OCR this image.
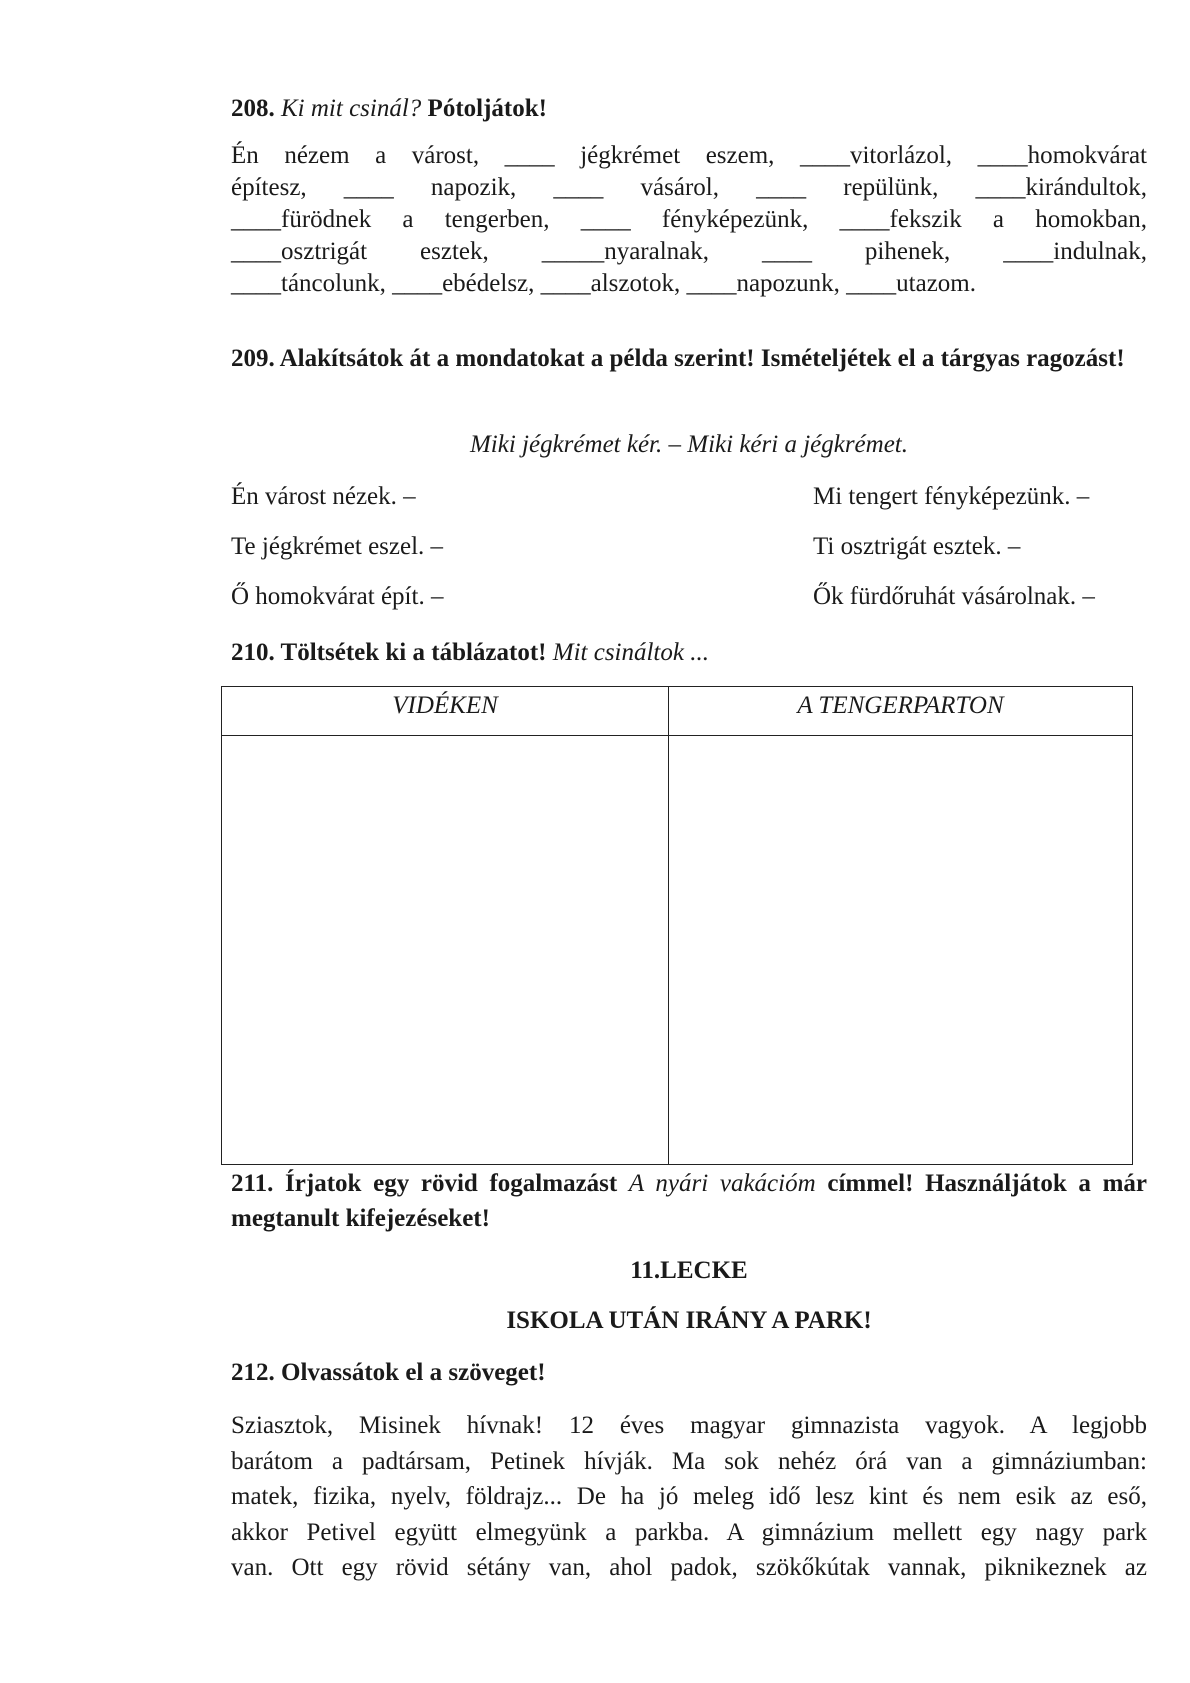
208. Ki mit csinál? Pótoljátok!
Én nézem a várost, ____ jégkrémet eszem, ____vitorlázol, ____homokvárat
építesz, ____ napozik, ____ vásárol, ____ repülünk, ____kirándultok,
____fürödnek a tengerben, ____ fényképezünk, ____fekszik a homokban,
____osztrigát esztek, _____nyaralnak, ____ pihenek, ____indulnak,
____táncolunk, ____ebédelsz, ____alszotok, ____napozunk, ____utazom.
209. Alakítsátok át a mondatokat a példa szerint! Ismételjétek el a tárgyas ragozást!
Miki jégkrémet kér. – Miki kéri a jégkrémet.
Én várost nézek. –	Mi tengert fényképezünk. –
Te jégkrémet eszel. –	Ti osztrigát esztek. –
Ő homokvárat épít. –	Ők fürdőruhát vásárolnak. –
210. Töltsétek ki a táblázatot! Mit csináltok ...
VIDÉKEN	A TENGERPARTON

211. Írjatok egy rövid fogalmazást A nyári vakációm címmel! Használjátok a már megtanult kifejezéseket!
11.LECKE
ISKOLA UTÁN IRÁNY A PARK!
212. Olvassátok el a szöveget!
Sziasztok, Misinek hívnak! 12 éves magyar gimnazista vagyok. A legjobb
barátom a padtársam, Petinek hívják. Ma sok nehéz órá van a gimnáziumban:
matek, fizika, nyelv, földrajz... De ha jó meleg idő lesz kint és nem esik az eső,
akkor Petivel együtt elmegyünk a parkba. A gimnázium mellett egy nagy park
van. Ott egy rövid sétány van, ahol padok, szökőkútak vannak, piknikeznek az
